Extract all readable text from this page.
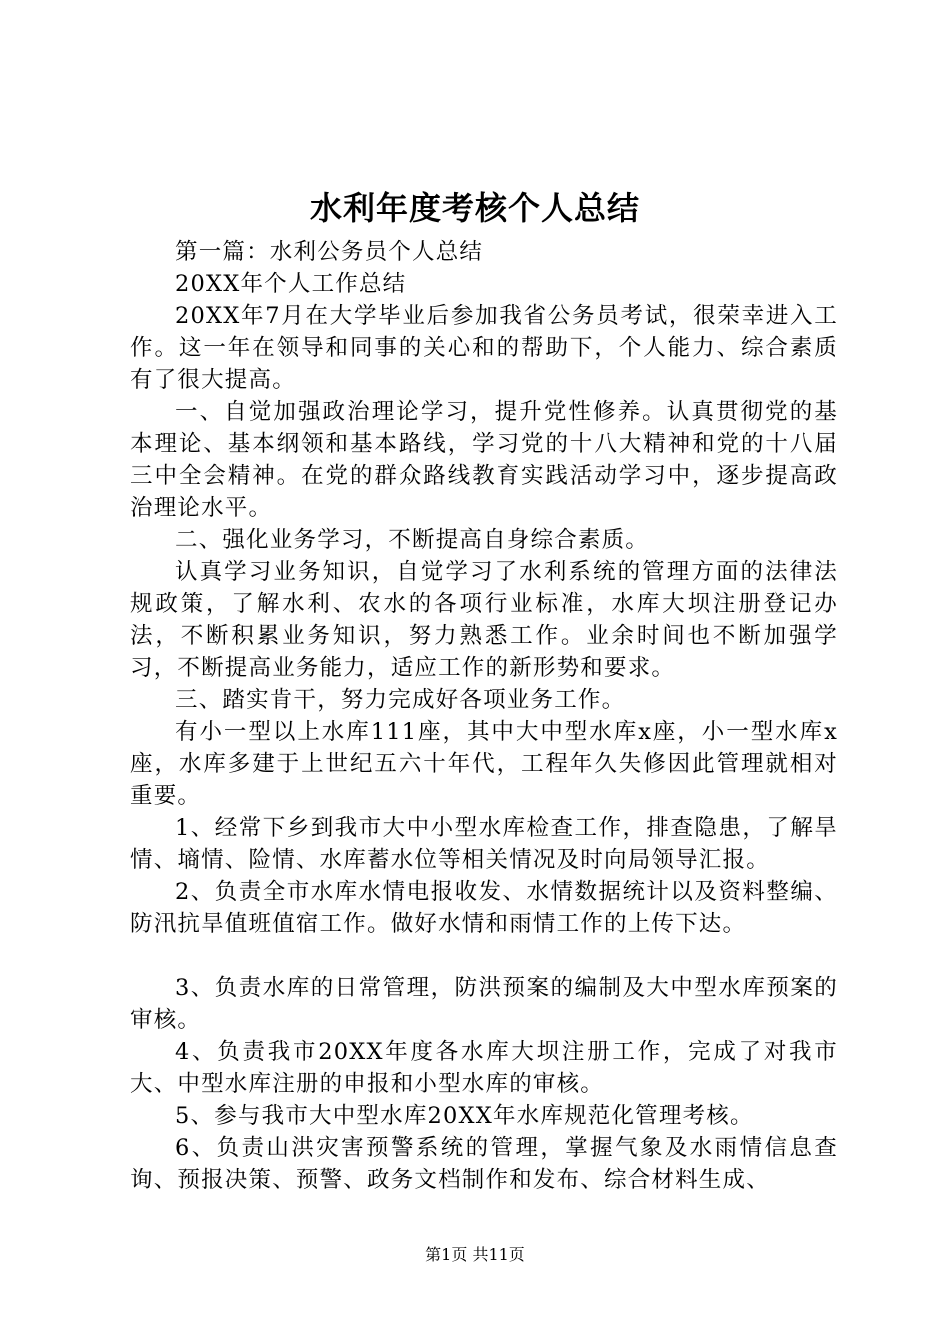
水利年度考核个人总结

第一篇：水利公务员个人总结

20XX年个人工作总结

20XX年7月在大学毕业后参加我省公务员考试，很荣幸进入工作。这一年在领导和同事的关心和的帮助下，个人能力、综合素质有了很大提高。

一、自觉加强政治理论学习，提升党性修养。认真贯彻党的基本理论、基本纲领和基本路线，学习党的十八大精神和党的十八届三中全会精神。在党的群众路线教育实践活动学习中，逐步提高政治理论水平。

二、强化业务学习，不断提高自身综合素质。

认真学习业务知识，自觉学习了水利系统的管理方面的法律法规政策，了解水利、农水的各项行业标准，水库大坝注册登记办法，不断积累业务知识，努力熟悉工作。业余时间也不断加强学习，不断提高业务能力，适应工作的新形势和要求。

三、踏实肯干，努力完成好各项业务工作。

有小一型以上水库111座，其中大中型水库x座，小一型水库x座，水库多建于上世纪五六十年代，工程年久失修因此管理就相对重要。

1、经常下乡到我市大中小型水库检查工作，排查隐患，了解旱情、墒情、险情、水库蓄水位等相关情况及时向局领导汇报。

2、负责全市水库水情电报收发、水情数据统计以及资料整编、防汛抗旱值班值宿工作。做好水情和雨情工作的上传下达。

3、负责水库的日常管理，防洪预案的编制及大中型水库预案的审核。

4、负责我市20XX年度各水库大坝注册工作，完成了对我市大、中型水库注册的申报和小型水库的审核。

5、参与我市大中型水库20XX年水库规范化管理考核。

6、负责山洪灾害预警系统的管理，掌握气象及水雨情信息查询、预报决策、预警、政务文档制作和发布、综合材料生成、

第1页 共11页
